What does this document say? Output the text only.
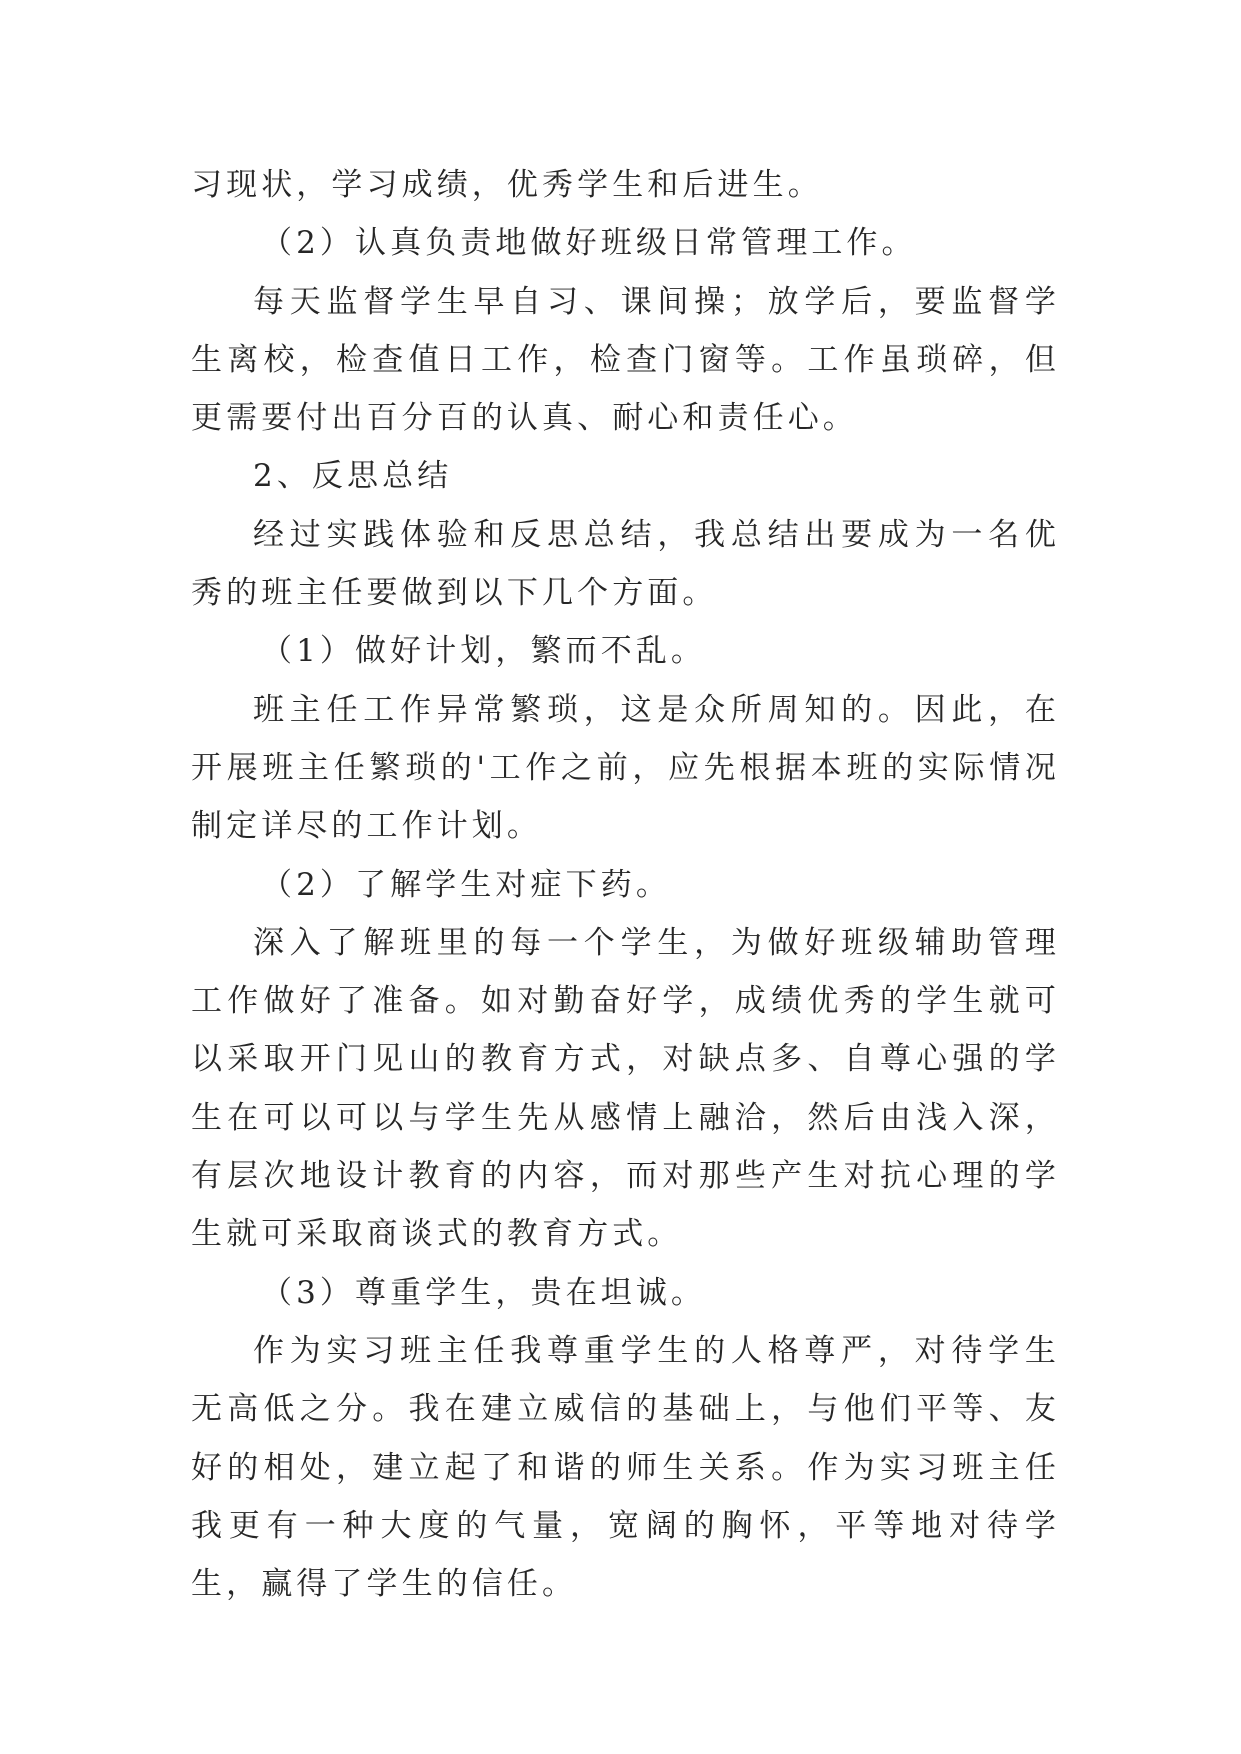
习现状，学习成绩，优秀学生和后进生。

（2）认真负责地做好班级日常管理工作。

每天监督学生早自习、课间操；放学后，要监督学生离校，检查值日工作，检查门窗等。工作虽琐碎，但更需要付出百分百的认真、耐心和责任心。

2、反思总结

经过实践体验和反思总结，我总结出要成为一名优秀的班主任要做到以下几个方面。

（1）做好计划，繁而不乱。

班主任工作异常繁琐，这是众所周知的。因此，在开展班主任繁琐的'工作之前，应先根据本班的实际情况制定详尽的工作计划。

（2）了解学生对症下药。

深入了解班里的每一个学生，为做好班级辅助管理工作做好了准备。如对勤奋好学，成绩优秀的学生就可以采取开门见山的教育方式，对缺点多、自尊心强的学生在可以可以与学生先从感情上融洽，然后由浅入深，有层次地设计教育的内容，而对那些产生对抗心理的学生就可采取商谈式的教育方式。

（3）尊重学生，贵在坦诚。

作为实习班主任我尊重学生的人格尊严，对待学生无高低之分。我在建立威信的基础上，与他们平等、友好的相处，建立起了和谐的师生关系。作为实习班主任我更有一种大度的气量，宽阔的胸怀，平等地对待学生，赢得了学生的信任。
